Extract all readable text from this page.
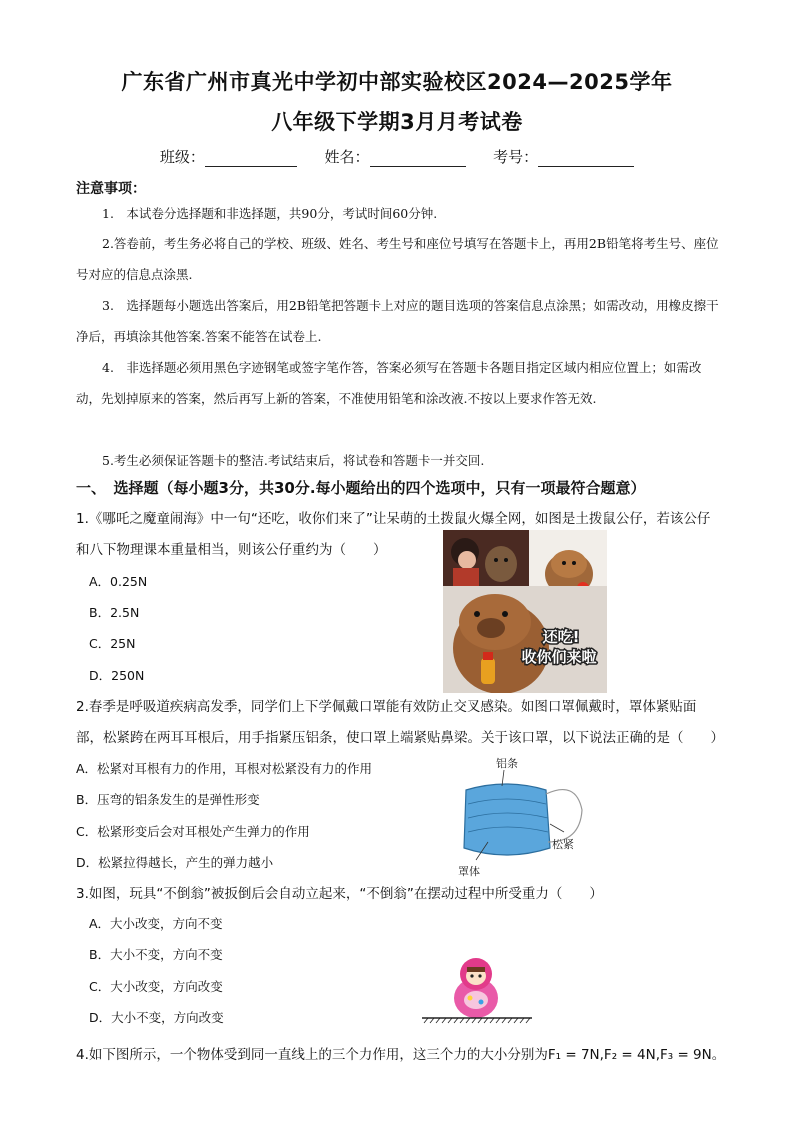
广东省广州市真光中学初中部实验校区2024—2025学年
八年级下学期3月月考试卷
班级：	姓名：	考号：
注意事项：
1.　本试卷分选择题和非选择题，共90分，考试时间60分钟.
2.答卷前，考生务必将自己的学校、班级、姓名、考生号和座位号填写在答题卡上，再用2B铅笔将考生号、座位号对应的信息点涂黑.
3.　选择题每小题选出答案后，用2B铅笔把答题卡上对应的题目选项的答案信息点涂黑；如需改动，用橡皮擦干净后，再填涂其他答案.答案不能答在试卷上.
4.　非选择题必须用黑色字迹钢笔或签字笔作答，答案必须写在答题卡各题目指定区域内相应位置上；如需改动，先划掉原来的答案，然后再写上新的答案，不准使用铅笔和涂改液.不按以上要求作答无效.
5.考生必须保证答题卡的整洁.考试结束后，将试卷和答题卡一并交回.
一、　选择题（每小题3分，共30分.每小题给出的四个选项中，只有一项最符合题意）
1.《哪吒之魔童闹海》中一句“还吃，收你们来了”让呆萌的土拨鼠火爆全网，如图是土拨鼠公仔，若该公仔和八下物理课本重量相当，则该公仔重约为（　　）
A．0.25N
B．2.5N
C．25N
D．250N
还吃!
收你们来啦
2.春季是呼吸道疾病高发季，同学们上下学佩戴口罩能有效防止交叉感染。如图口罩佩戴时，罩体紧贴面部，松紧跨在两耳耳根后，用手指紧压铝条，使口罩上端紧贴鼻梁。关于该口罩，以下说法正确的是（　　）
A．松紧对耳根有力的作用，耳根对松紧没有力的作用
B．压弯的铝条发生的是弹性形变
C．松紧形变后会对耳根处产生弹力的作用
D．松紧拉得越长，产生的弹力越小
铝条
松紧
罩体
3.如图，玩具“不倒翁”被扳倒后会自动立起来，“不倒翁”在摆动过程中所受重力（　　）
A．大小改变，方向不变
B．大小不变，方向不变
C．大小改变，方向改变
D．大小不变，方向改变
4.如下图所示，一个物体受到同一直线上的三个力作用，这三个力的大小分别为F₁ = 7N,F₂ = 4N,F₃ = 9N。
